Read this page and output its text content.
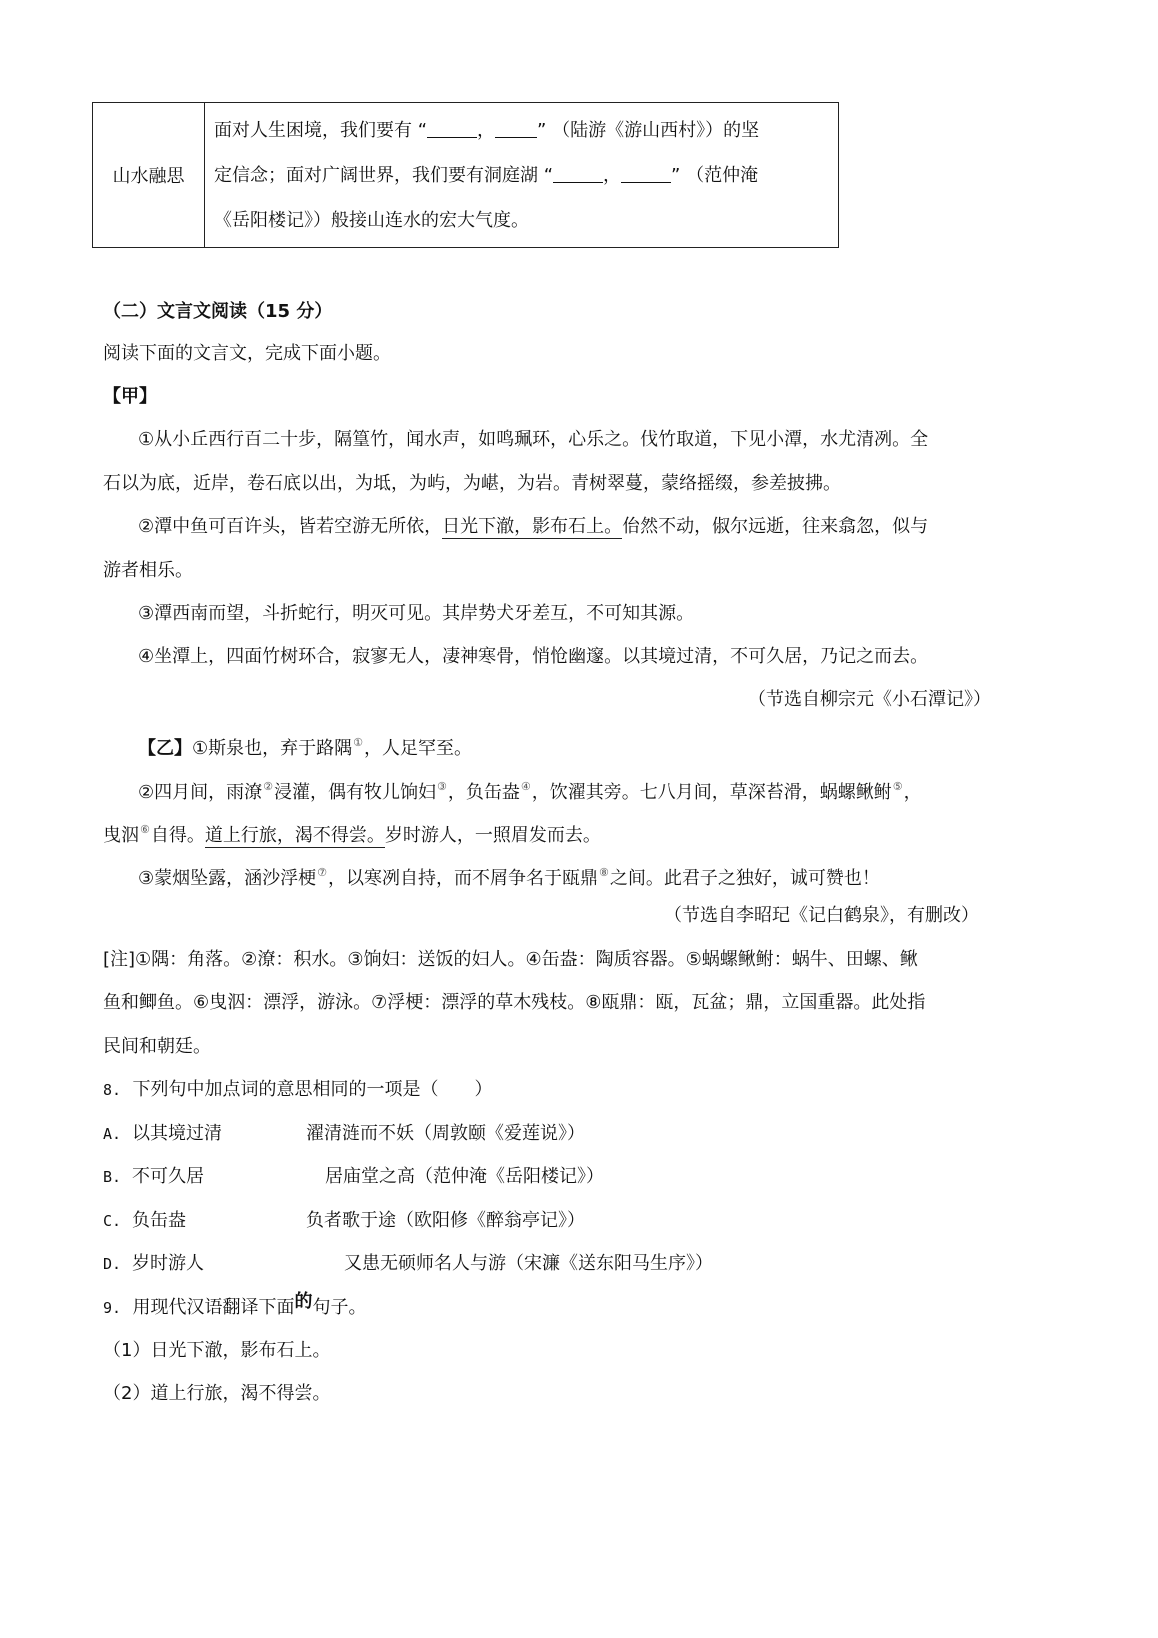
山水融思
面对人生困境，我们要有 “	， ” （陆游《游山西村》）的坚
定信念；面对广阔世界，我们要有洞庭湖 “	，	” （范仲淹
《岳阳楼记》）般接山连水的宏大气度。
（二）文言文阅读（15 分）
阅读下面的文言文，完成下面小题。
【甲】
①从小丘西行百二十步，隔篁竹，闻水声，如鸣珮环，心乐之。伐竹取道，下见小潭，水尤清冽。全
石以为底，近岸，卷石底以出，为坻，为屿，为嵁，为岩。青树翠蔓，蒙络摇缀，参差披拂。
②潭中鱼可百许头，皆若空游无所依，日光下澈，影布石上。佁然不动，俶尔远逝，往来翕忽，似与
游者相乐。
③潭西南而望，斗折蛇行，明灭可见。其岸势犬牙差互，不可知其源。
④坐潭上，四面竹树环合，寂寥无人，凄神寒骨，悄怆幽邃。以其境过清，不可久居，乃记之而去。
（节选自柳宗元《小石潭记》）
【乙】①斯泉也，弃于路隅①，人足罕至。
②四月间，雨潦②浸灌，偶有牧儿饷妇③，负缶盎④，饮濯其旁。七八月间，草深苔滑，蜗螺鳅鲋⑤，
曳泅⑥自得。道上行旅，渴不得尝。岁时游人，一照眉发而去。
③蒙烟坠露，涵沙浮梗⑦，以寒冽自持，而不屑争名于瓯鼎⑧之间。此君子之独好，诚可赞也！
（节选自李昭玘《记白鹤泉》，有删改）
[注]①隅：角落。②潦：积水。③饷妇：送饭的妇人。④缶盎：陶质容器。⑤蜗螺鳅鲋：蜗牛、田螺、鳅
鱼和鲫鱼。⑥曳泅：漂浮，游泳。⑦浮梗：漂浮的草木残枝。⑧瓯鼎：瓯，瓦盆；鼎，立国重器。此处指
民间和朝廷。
8. 下列句中加点词的意思相同的一项是（　　）
A. 以其境过清	濯清涟而不妖（周敦颐《爱莲说》）
B. 不可久居	居庙堂之高（范仲淹《岳阳楼记》）
C. 负缶盎	负者歌于途（欧阳修《醉翁亭记》）
D. 岁时游人	又患无硕师名人与游（宋濂《送东阳马生序》）
9. 用现代汉语翻译下面的句子。
（1）日光下澈，影布石上。
（2）道上行旅，渴不得尝。
